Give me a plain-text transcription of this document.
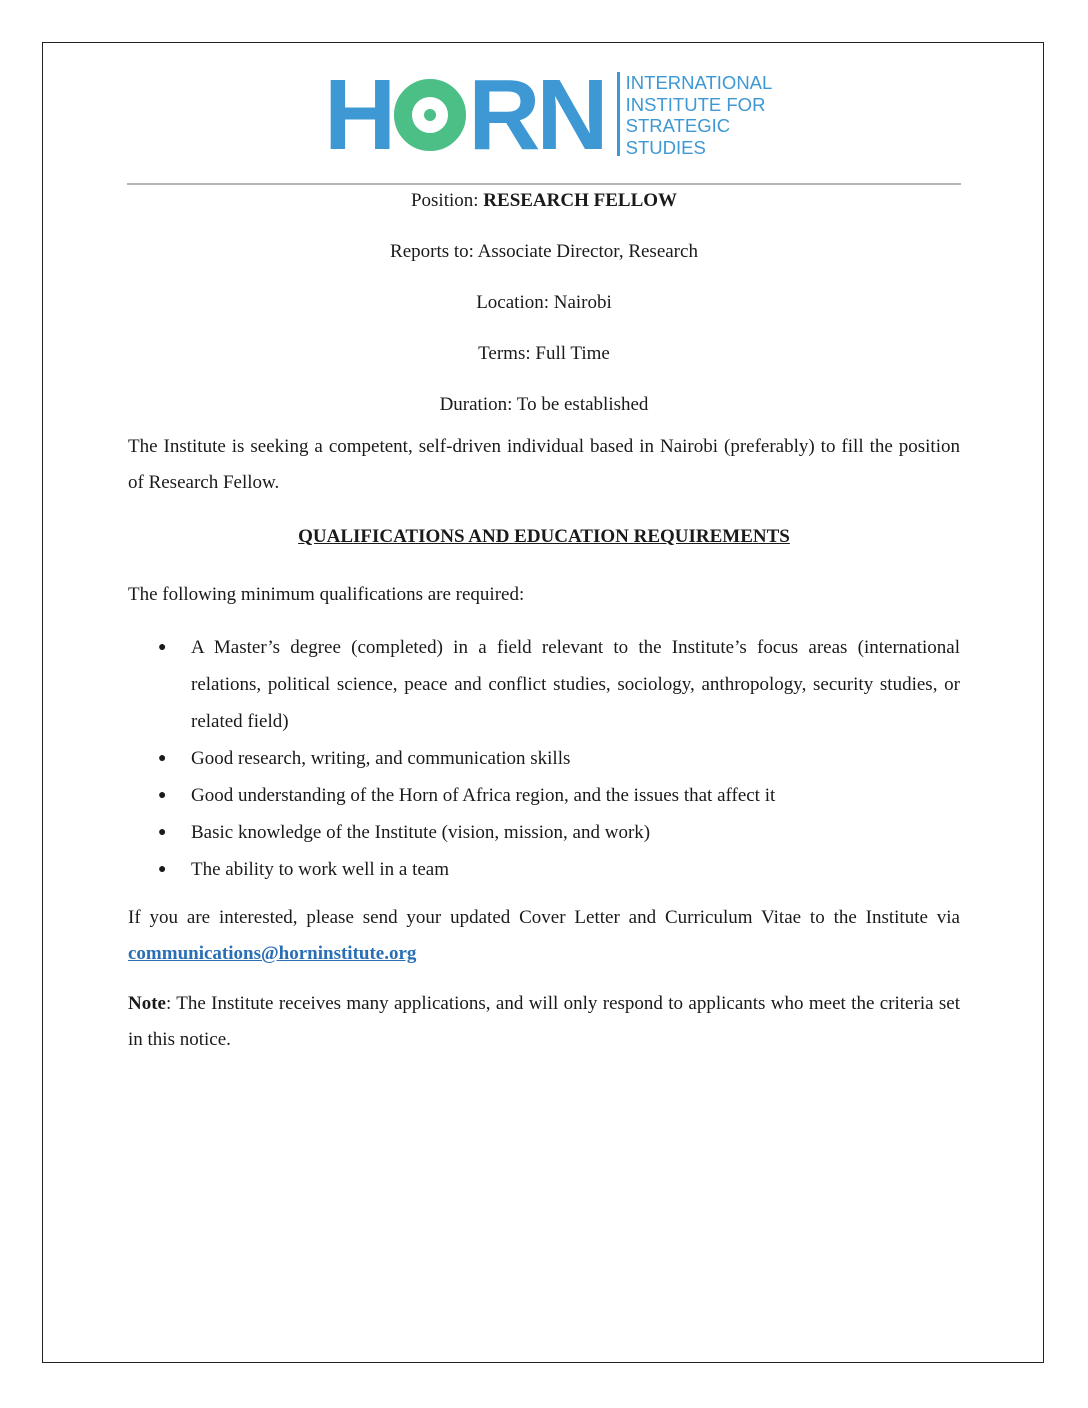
H RN INTERNATIONAL
INSTITUTE FOR
STRATEGIC
STUDIES

Position: RESEARCH FELLOW

Reports to: Associate Director, Research

Location: Nairobi

Terms: Full Time

Duration: To be established

The Institute is seeking a competent, self-driven individual based in Nairobi (preferably) to fill the position of Research Fellow.

QUALIFICATIONS AND EDUCATION REQUIREMENTS

The following minimum qualifications are required:

● A Master’s degree (completed) in a field relevant to the Institute’s focus areas (international relations, political science, peace and conflict studies, sociology, anthropology, security studies, or related field)
● Good research, writing, and communication skills
● Good understanding of the Horn of Africa region, and the issues that affect it
● Basic knowledge of the Institute (vision, mission, and work)
● The ability to work well in a team

If you are interested, please send your updated Cover Letter and Curriculum Vitae to the Institute via communications@horninstitute.org

Note: The Institute receives many applications, and will only respond to applicants who meet the criteria set in this notice.
